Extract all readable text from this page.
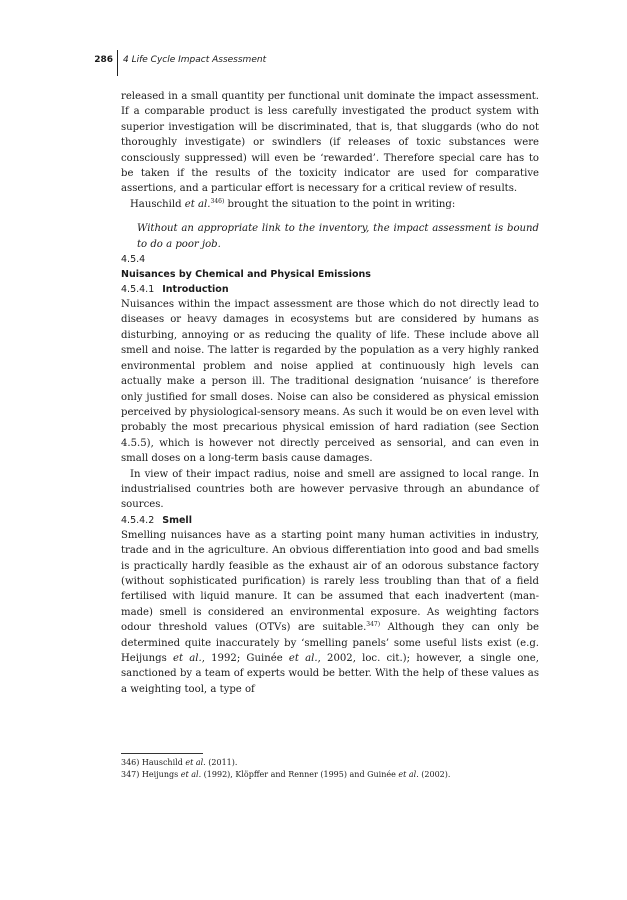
286 4 Life Cycle Impact Assessment

released in a small quantity per functional unit dominate the impact assessment. If a comparable product is less carefully investigated the product system with superior investigation will be discriminated, that is, that sluggards (who do not thoroughly investigate) or swindlers (if releases of toxic substances were consciously suppressed) will even be ‘rewarded’. Therefore special care has to be taken if the results of the toxicity indicator are used for comparative assertions, and a particular effort is necessary for a critical review of results.

Hauschild et al.$^{346)}$ brought the situation to the point in writing:

Without an appropriate link to the inventory, the impact assessment is bound to do a poor job.

4.5.4

Nuisances by Chemical and Physical Emissions

4.5.4.1 Introduction

Nuisances within the impact assessment are those which do not directly lead to diseases or heavy damages in ecosystems but are considered by humans as disturbing, annoying or as reducing the quality of life. These include above all smell and noise. The latter is regarded by the population as a very highly ranked environmental problem and noise applied at continuously high levels can actually make a person ill. The traditional designation ‘nuisance’ is therefore only justified for small doses. Noise can also be considered as physical emission perceived by physiological-sensory means. As such it would be on even level with probably the most precarious physical emission of hard radiation (see Section 4.5.5), which is however not directly perceived as sensorial, and can even in small doses on a long-term basis cause damages.

In view of their impact radius, noise and smell are assigned to local range. In industrialised countries both are however pervasive through an abundance of sources.

4.5.4.2 Smell

Smelling nuisances have as a starting point many human activities in industry, trade and in the agriculture. An obvious differentiation into good and bad smells is practically hardly feasible as the exhaust air of an odorous substance factory (without sophisticated purification) is rarely less troubling than that of a field fertilised with liquid manure. It can be assumed that each inadvertent (man-made) smell is considered an environmental exposure. As weighting factors odour threshold values (OTVs) are suitable.$^{347)}$ Although they can only be determined quite inaccurately by ‘smelling panels’ some useful lists exist (e.g. Heijungs et al., 1992; Guinée et al., 2002, loc. cit.); however, a single one, sanctioned by a team of experts would be better. With the help of these values as a weighting tool, a type of

346) Hauschild et al. (2011).
347) Heijungs et al. (1992), Klöpffer and Renner (1995) and Guinée et al. (2002).
